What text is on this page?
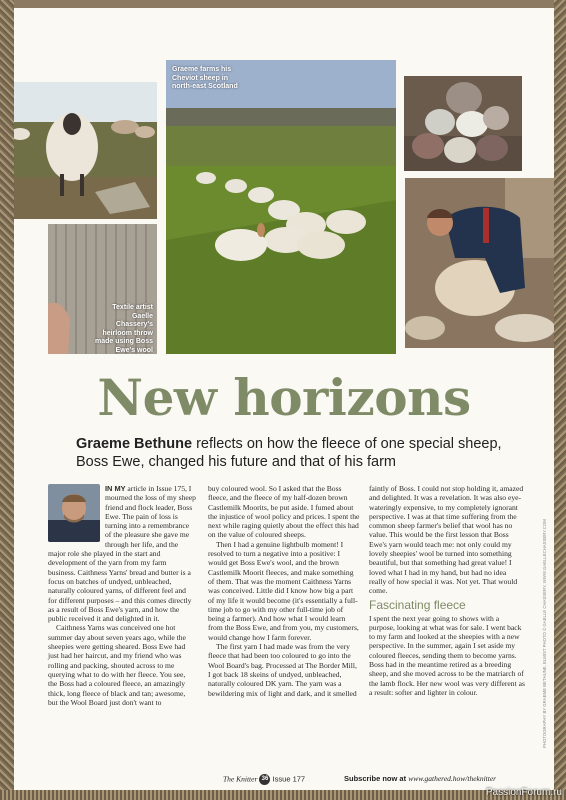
Textile artist Gaelle Chassery's heirloom throw made using Boss Ewe's wool
Graeme farms his Cheviot sheep in north-east Scotland
New horizons
Graeme Bethune reflects on how the fleece of one special sheep, Boss Ewe, changed his future and that of his farm

IN MY article in Issue 175, I mourned the loss of my sheep friend and flock leader, Boss Ewe. The pain of loss is turning into a remembrance of the pleasure she gave me through her life, and the major role she played in the start and development of the yarn from my farm business. Caithness Yarns' bread and butter is a focus on batches of undyed, unbleached, naturally coloured yarns, of different feel and for different purposes – and this comes directly as a result of Boss Ewe's yarn, and how the public received it and delighted in it.

Caithness Yarns was conceived one hot summer day about seven years ago, while the sheepies were getting sheared. Boss Ewe had just had her haircut, and my friend who was rolling and packing, shouted across to me querying what to do with her fleece. You see, the Boss had a coloured fleece, an amazingly thick, long fleece of black and tan; awesome, but the Wool Board just don't want to

buy coloured wool. So I asked that the Boss fleece, and the fleece of my half-dozen brown Castlemilk Moorits, be put aside. I fumed about the injustice of wool policy and prices. I spent the next while raging quietly about the effect this had on the value of coloured sheeps.

Then I had a genuine lightbulb moment! I resolved to turn a negative into a positive: I would get Boss Ewe's wool, and the brown Castlemilk Moorit fleeces, and make something of them. That was the moment Caithness Yarns was conceived. Little did I know how big a part of my life it would become (it's essentially a full-time job to go with my other full-time job of being a farmer). And how what I would learn from the Boss Ewe, and from you, my customers, would change how I farm forever.

The first yarn I had made was from the very fleece that had been too coloured to go into the Wool Board's bag. Processed at The Border Mill, I got back 18 skeins of undyed, unbleached, naturally coloured DK yarn. The yarn was a bewildering mix of light and dark, and it smelled

faintly of Boss. I could not stop holding it, amazed and delighted. It was a revelation. It was also eye-wateringly expensive, to my completely ignorant perspective. I was at that time suffering from the common sheep farmer's belief that wool has no value. This would be the first lesson that Boss Ewe's yarn would teach me: not only could my lovely sheepies' wool be turned into something beautiful, but that something had great value! I loved what I had in my hand, but had no idea really of how special it was. Not yet. That would come.

Fascinating fleece

I spent the next year going to shows with a purpose, looking at what was for sale. I went back to my farm and looked at the sheepies with a new perspective. In the summer, again I set aside my coloured fleeces, sending them to become yarns. Boss had in the meantime retired as a breeding sheep, and she moved across to be the matriarch of the lamb flock. Her new wool was very different as a result: softer and lighter in colour.	PHOTOGRAPHY BY GRAEME BETHUNE, ELMIST PHOTO © GAELLE CHASSERY, WWW.GAELLECHASSERY.COM
The Knitter 36 Issue 177	Subscribe now at www.gathered.how/theknitter
PassionForum.ru
